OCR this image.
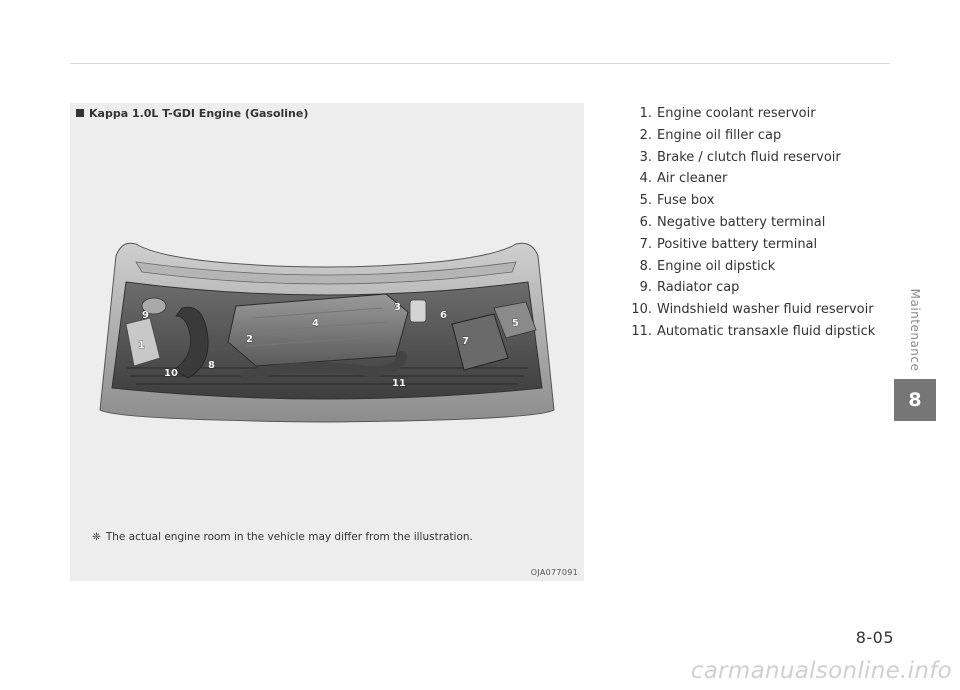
Kappa 1.0L T-GDI Engine (Gasoline)
1
2
3
4	5
6
7
8
9
10
11
❈ The actual engine room in the vehicle may differ from the illustration.
OJA077091
1. Engine coolant reservoir
2. Engine oil filler cap
3. Brake / clutch fluid reservoir
4. Air cleaner
5. Fuse box
6. Negative battery terminal
7. Positive battery terminal
8. Engine oil dipstick
9. Radiator cap
10. Windshield washer fluid reservoir
11. Automatic transaxle fluid dipstick	Maintenance
8
8-05
carmanualsonline.info
